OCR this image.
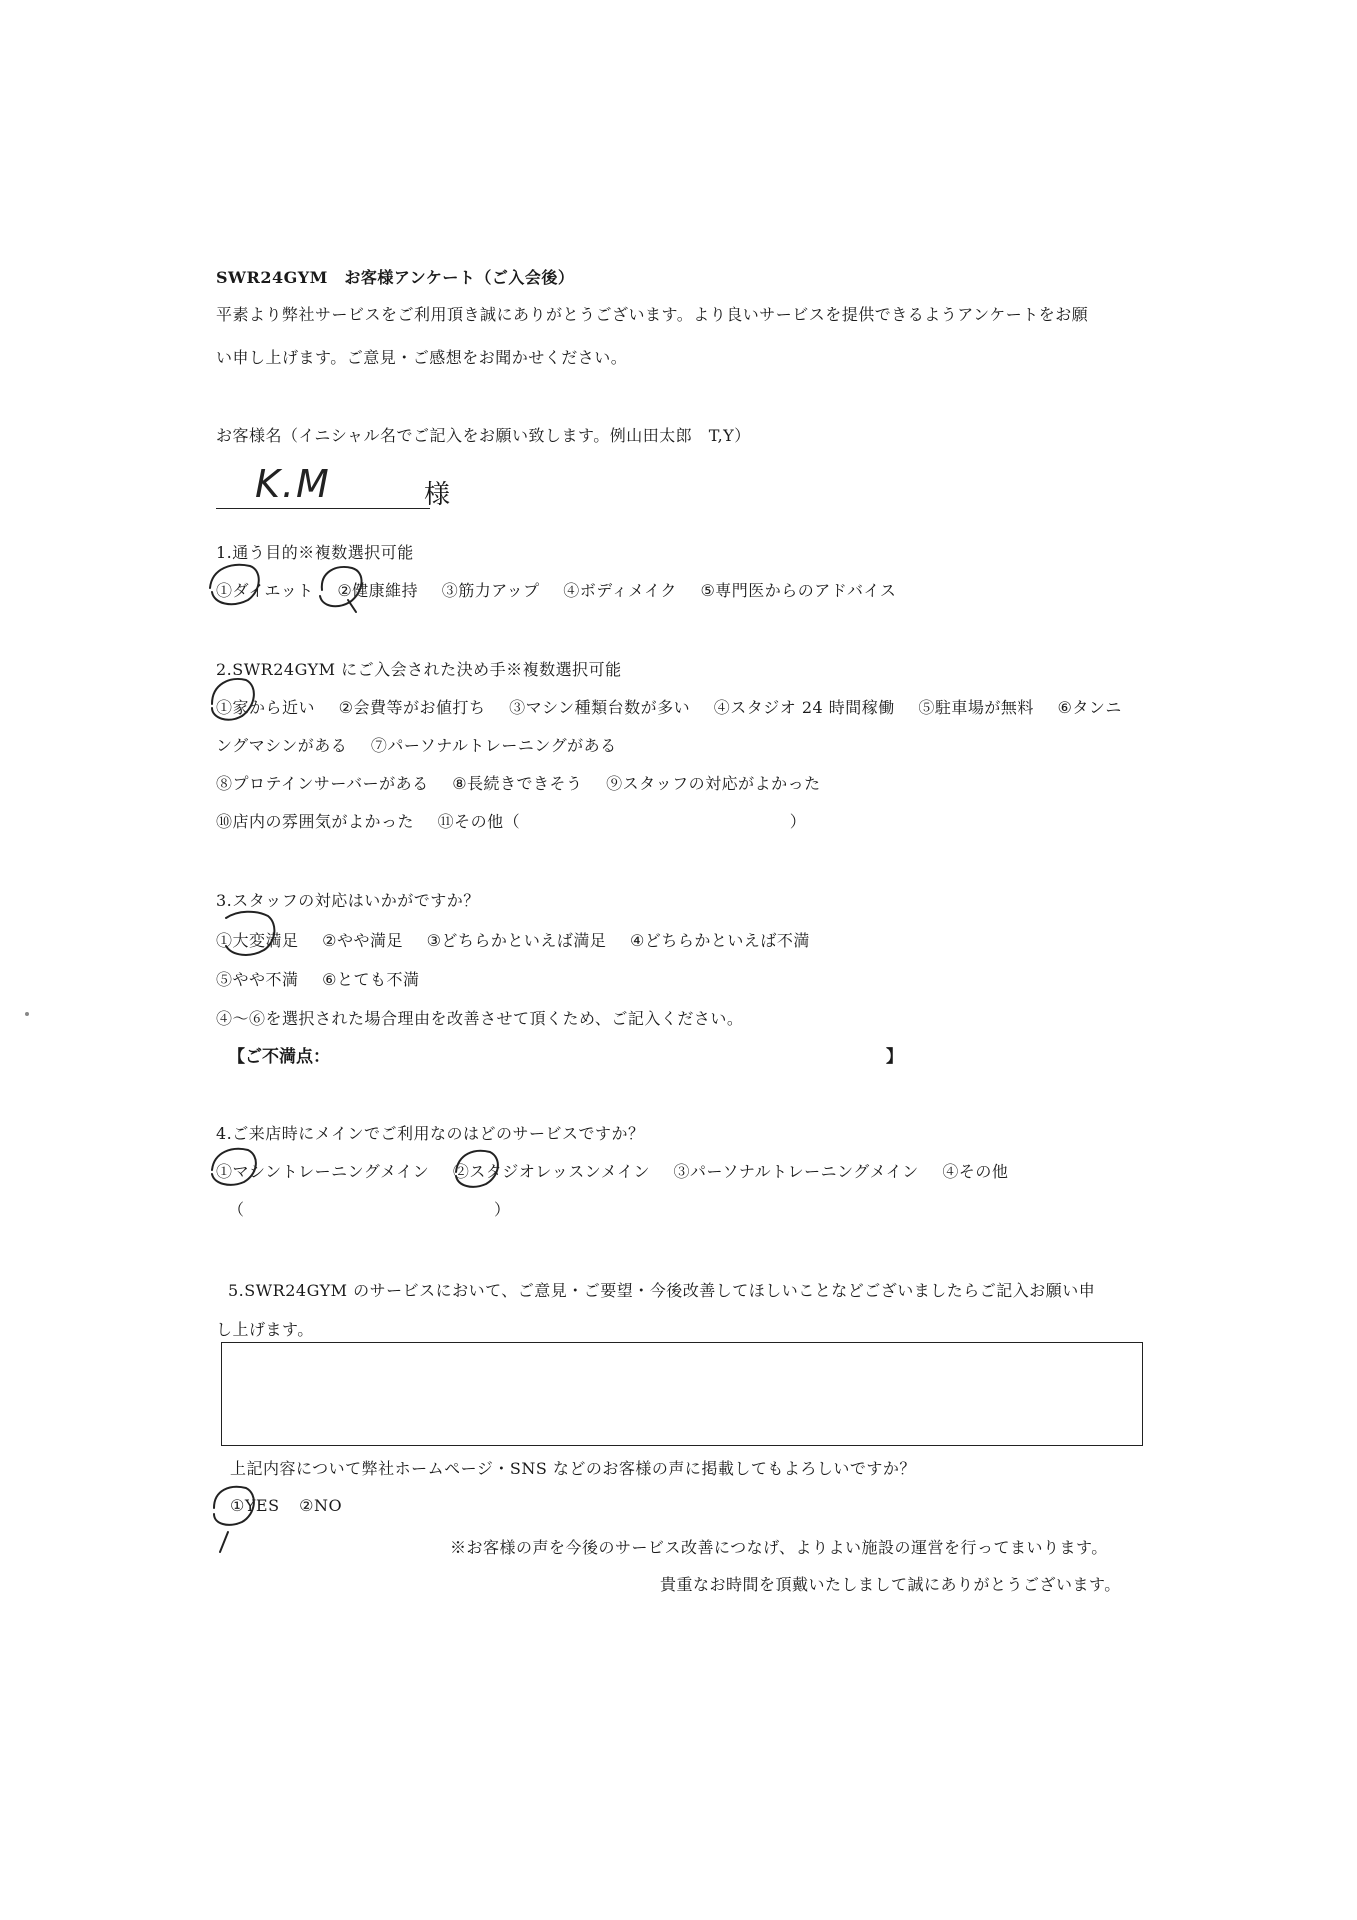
SWR24GYM　お客様アンケート（ご入会後）
平素より弊社サービスをご利用頂き誠にありがとうございます。より良いサービスを提供できるようアンケートをお願
い申し上げます。ご意見・ご感想をお聞かせください。
お客様名（イニシャル名でご記入をお願い致します。例山田太郎　T,Y）
K.M	様
1.通う目的※複数選択可能
①ダイエット ②健康維持 ③筋力アップ ④ボディメイク ⑤専門医からのアドバイス
2.SWR24GYM にご入会された決め手※複数選択可能
①家から近い ②会費等がお値打ち ③マシン種類台数が多い ④スタジオ 24 時間稼働 ⑤駐車場が無料 ⑥タンニ
ングマシンがある ⑦パーソナルトレーニングがある
⑧プロテインサーバーがある ⑧長続きできそう ⑨スタッフの対応がよかった
⑩店内の雰囲気がよかった ⑪その他（	）
3.スタッフの対応はいかがですか？
①大変満足 ②やや満足 ③どちらかといえば満足 ④どちらかといえば不満
⑤やや不満 ⑥とても不満
④～⑥を選択された場合理由を改善させて頂くため、ご記入ください。
【ご不満点：	】
4.ご来店時にメインでご利用なのはどのサービスですか？
①マシントレーニングメイン ②スタジオレッスンメイン ③パーソナルトレーニングメイン ④その他
（	）
5.SWR24GYM のサービスにおいて、ご意見・ご要望・今後改善してほしいことなどございましたらご記入お願い申
し上げます。
上記内容について弊社ホームページ・SNS などのお客様の声に掲載してもよろしいですか？
①YES ②NO
※お客様の声を今後のサービス改善につなげ、よりよい施設の運営を行ってまいります。
貴重なお時間を頂戴いたしまして誠にありがとうございます。
